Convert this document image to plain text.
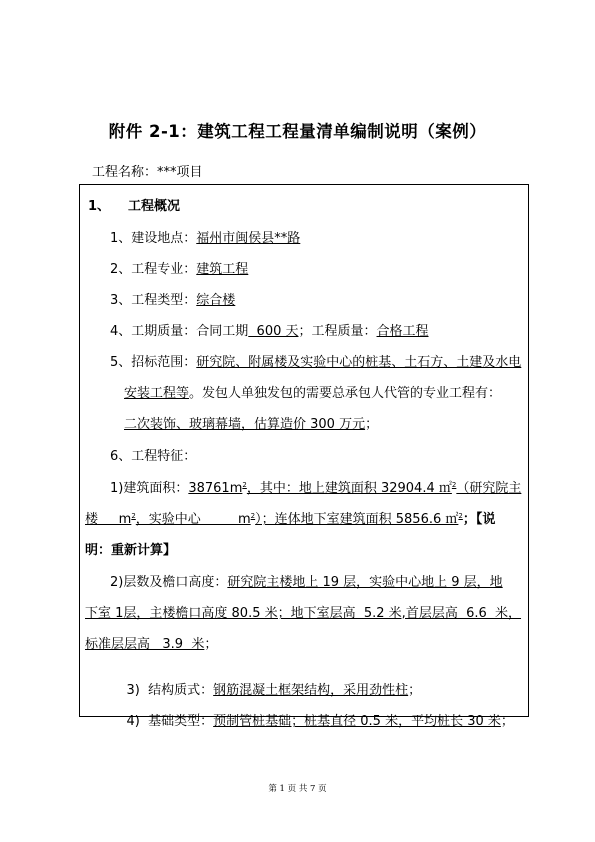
附件 2-1：建筑工程工程量清单编制说明（案例）
工程名称：***项目
1、 工程概况
1、建设地点：福州市闽侯县**路
2、工程专业：建筑工程
3、工程类型：综合楼
4、工期质量：合同工期  600 天；工程质量：合格工程
5、招标范围：研究院、附属楼及实验中心的桩基、土石方、土建及水电
安装工程等。发包人单独发包的需要总承包人代管的专业工程有：
二次装饰、玻璃幕墙，估算造价 300 万元；
6、工程特征：
1)建筑面积：$38761m^2$，其中：地上建筑面积 32904.4 ㎡$^2$（研究院主
楼     $m^2$，实验中心         $m^2$）；连体地下室建筑面积 5856.6 ㎡$^2$；【说
明：重新计算】
2)层数及檐口高度：研究院主楼地上 19 层，实验中心地上 9 层，地
下室 1层，主楼檐口高度 80.5 米；地下室层高  5.2 米,首层层高  6.6  米，
标准层层高   3.9  米；

3)  结构质式：钢筋混凝土框架结构，采用劲性柱；

4)  基础类型：预制管桩基础；桩基直径 0.5 米，平均桩长 30 米；

第 1 页 共 7 页
